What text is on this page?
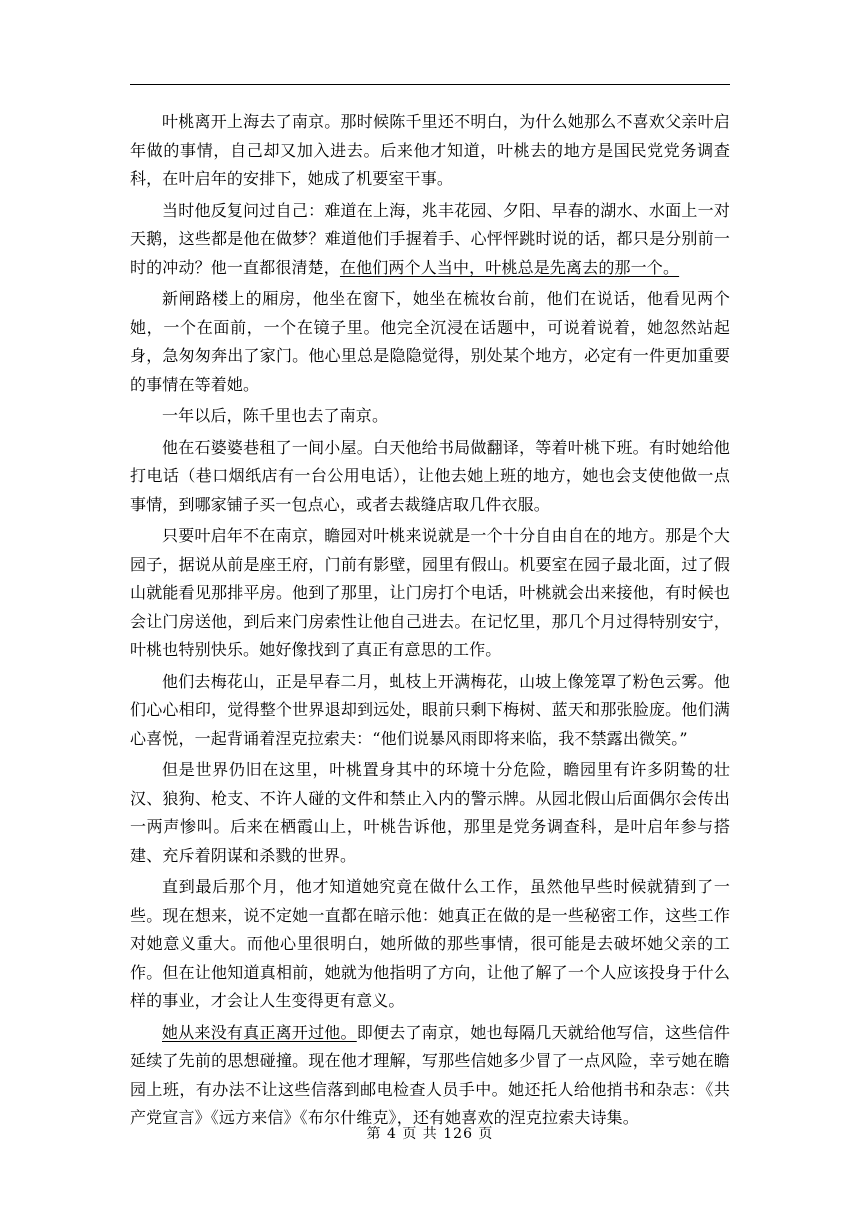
叶桃离开上海去了南京。那时候陈千里还不明白，为什么她那么不喜欢父亲叶启年做的事情，自己却又加入进去。后来他才知道，叶桃去的地方是国民党党务调查科，在叶启年的安排下，她成了机要室干事。

当时他反复问过自己：难道在上海，兆丰花园、夕阳、早春的湖水、水面上一对天鹅，这些都是他在做梦？难道他们手握着手、心怦怦跳时说的话，都只是分别前一时的冲动？他一直都很清楚，在他们两个人当中，叶桃总是先离去的那一个。

新闸路楼上的厢房，他坐在窗下，她坐在梳妆台前，他们在说话，他看见两个她，一个在面前，一个在镜子里。他完全沉浸在话题中，可说着说着，她忽然站起身，急匆匆奔出了家门。他心里总是隐隐觉得，别处某个地方，必定有一件更加重要的事情在等着她。

一年以后，陈千里也去了南京。

他在石婆婆巷租了一间小屋。白天他给书局做翻译，等着叶桃下班。有时她给他打电话（巷口烟纸店有一台公用电话），让他去她上班的地方，她也会支使他做一点事情，到哪家铺子买一包点心，或者去裁缝店取几件衣服。

只要叶启年不在南京，瞻园对叶桃来说就是一个十分自由自在的地方。那是个大园子，据说从前是座王府，门前有影壁，园里有假山。机要室在园子最北面，过了假山就能看见那排平房。他到了那里，让门房打个电话，叶桃就会出来接他，有时候也会让门房送他，到后来门房索性让他自己进去。在记忆里，那几个月过得特别安宁，叶桃也特别快乐。她好像找到了真正有意思的工作。

他们去梅花山，正是早春二月，虬枝上开满梅花，山坡上像笼罩了粉色云雾。他们心心相印，觉得整个世界退却到远处，眼前只剩下梅树、蓝天和那张脸庞。他们满心喜悦，一起背诵着涅克拉索夫：“他们说暴风雨即将来临，我不禁露出微笑。”

但是世界仍旧在这里，叶桃置身其中的环境十分危险，瞻园里有许多阴鸷的壮汉、狼狗、枪支、不许人碰的文件和禁止入内的警示牌。从园北假山后面偶尔会传出一两声惨叫。后来在栖霞山上，叶桃告诉他，那里是党务调查科，是叶启年参与搭建、充斥着阴谋和杀戮的世界。

直到最后那个月，他才知道她究竟在做什么工作，虽然他早些时候就猜到了一些。现在想来，说不定她一直都在暗示他：她真正在做的是一些秘密工作，这些工作对她意义重大。而他心里很明白，她所做的那些事情，很可能是去破坏她父亲的工作。但在让他知道真相前，她就为他指明了方向，让他了解了一个人应该投身于什么样的事业，才会让人生变得更有意义。

她从来没有真正离开过他。即便去了南京，她也每隔几天就给他写信，这些信件延续了先前的思想碰撞。现在他才理解，写那些信她多少冒了一点风险，幸亏她在瞻园上班，有办法不让这些信落到邮电检查人员手中。她还托人给他捎书和杂志：《共产党宣言》《远方来信》《布尔什维克》，还有她喜欢的涅克拉索夫诗集。

第 4 页 共 126 页
